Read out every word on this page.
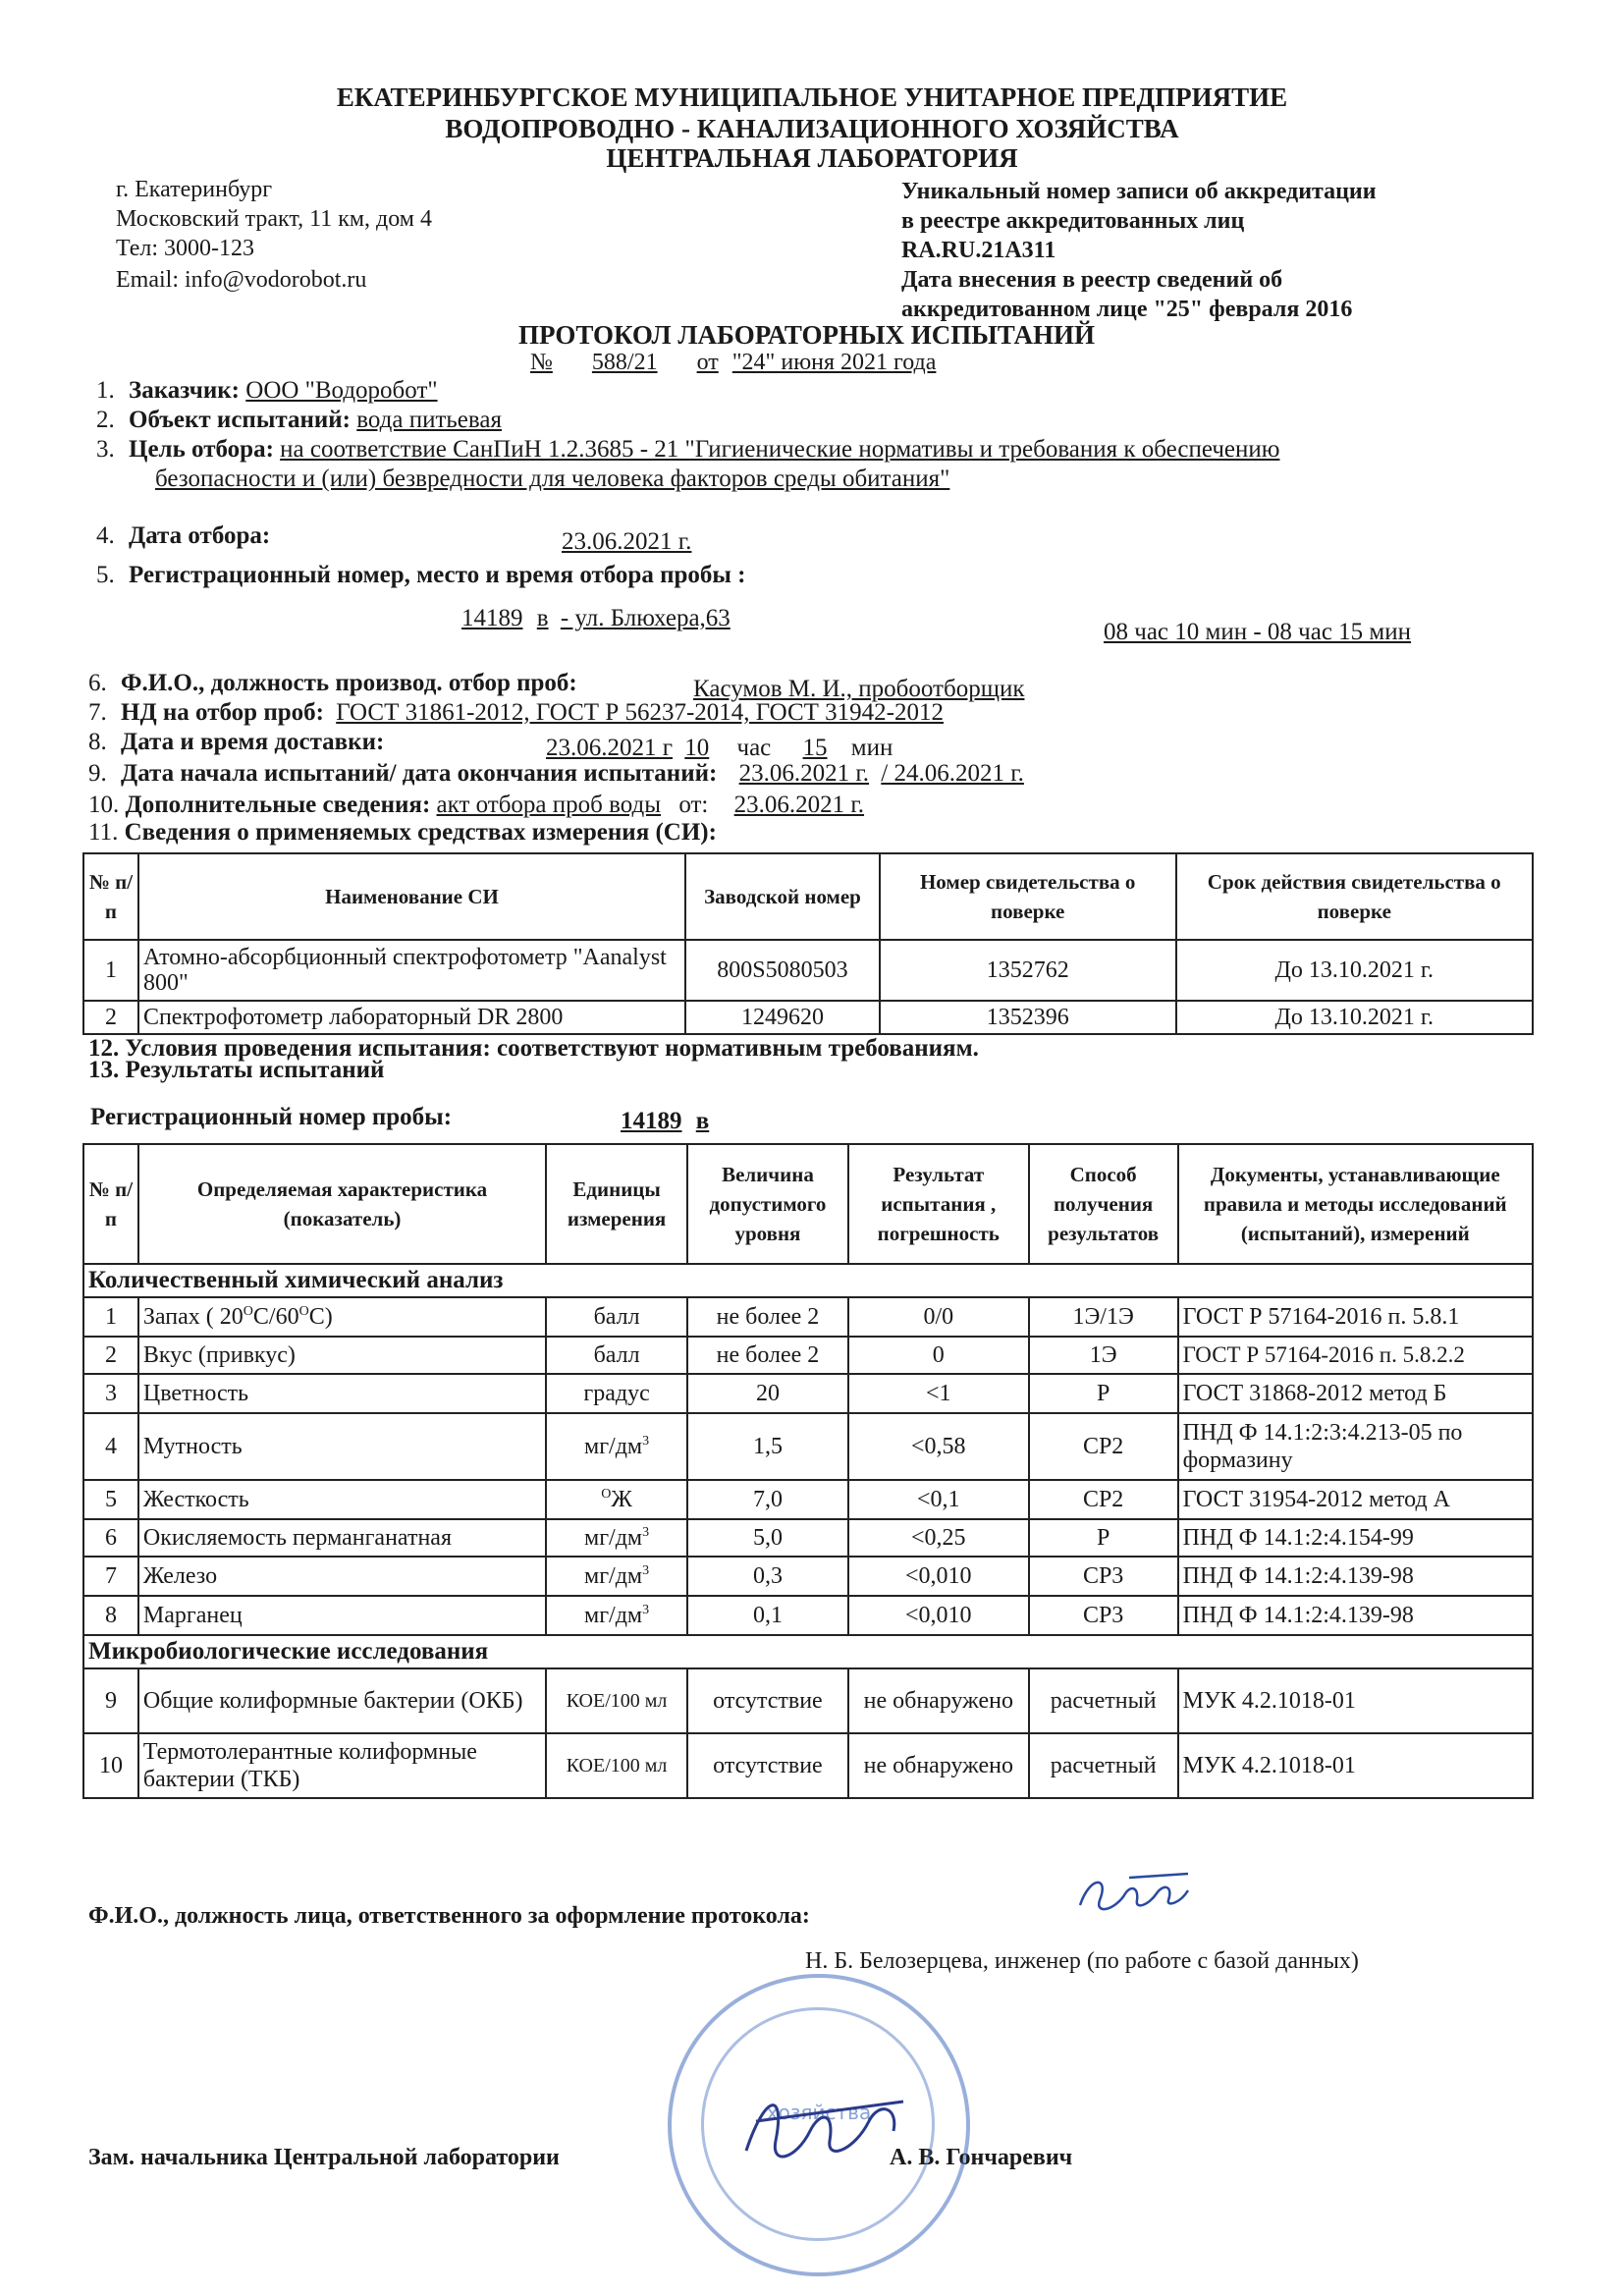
ЕКАТЕРИНБУРГСКОЕ МУНИЦИПАЛЬНОЕ УНИТАРНОЕ ПРЕДПРИЯТИЕ
ВОДОПРОВОДНО - КАНАЛИЗАЦИОННОГО ХОЗЯЙСТВА
ЦЕНТРАЛЬНАЯ ЛАБОРАТОРИЯ
г. Екатеринбург
Московский тракт, 11 км, дом 4
Тел: 3000-123
Email: info@vodorobot.ru
Уникальный номер записи об аккредитации
в реестре аккредитованных лиц
RA.RU.21А311
Дата внесения в реестр сведений об
аккредитованном лице "25" февраля 2016
ПРОТОКОЛ ЛАБОРАТОРНЫХ ИСПЫТАНИЙ
№ 588/21 от "24" июня 2021 года
1. Заказчик: ООО "Водоробот"
2. Объект испытаний: вода питьевая
3. Цель отбора: на соответствие СанПиН 1.2.3685 - 21 "Гигиенические нормативы и требования к обеспечению
безопасности и (или) безвредности для человека факторов среды обитания"
4. Дата отбора:	23.06.2021 г.
5. Регистрационный номер, место и время отбора пробы :
14189 в - ул. Блюхера,63
08 час 10 мин - 08 час 15 мин
6. Ф.И.О., должность производ. отбор проб:	Касумов М. И., пробоотборщик
7. НД на отбор проб: ГОСТ 31861-2012, ГОСТ Р 56237-2014, ГОСТ 31942-2012
8. Дата и время доставки:	23.06.2021 г 10 час 15 мин
9. Дата начала испытаний/ дата окончания испытаний: 23.06.2021 г. / 24.06.2021 г.
10. Дополнительные сведения: акт отбора проб воды от: 23.06.2021 г.
11. Сведения о применяемых средствах измерения (СИ):
№ п/п	Наименование СИ	Заводской номер	Номер свидетельства о поверке	Срок действия свидетельства о поверке
1	Атомно-абсорбционный спектрофотометр "Aanalyst 800"	800S5080503	1352762	До 13.10.2021 г.
2	Спектрофотометр лабораторный DR 2800	1249620	1352396	До 13.10.2021 г.
12. Условия проведения испытания: соответствуют нормативным требованиям.
13. Результаты испытаний
Регистрационный номер пробы:	14189 в
№ п/п	Определяемая характеристика (показатель)	Единицы измерения	Величина допустимого уровня	Результат испытания , погрешность	Способ получения результатов	Документы, устанавливающие правила и методы исследований (испытаний), измерений
Количественный химический анализ						
1	Запах ( $20^OC/60^OC$)	балл	не более 2	0/0	1Э/1Э	ГОСТ Р 57164-2016 п. 5.8.1
2	Вкус (привкус)	балл	не более 2	0	1Э	ГОСТ Р 57164-2016 п. 5.8.2.2
3	Цветность	градус	20	<1	Р	ГОСТ 31868-2012 метод Б
4	Мутность	$мг/дм^3$	1,5	<0,58	СР2	ПНД Ф 14.1:2:3:4.213-05 по формазину
5	Жесткость	$^O$Ж	7,0	<0,1	СР2	ГОСТ 31954-2012 метод А
6	Окисляемость перманганатная	$мг/дм^3$	5,0	<0,25	Р	ПНД Ф 14.1:2:4.154-99
7	Железо	$мг/дм^3$	0,3	<0,010	СР3	ПНД Ф 14.1:2:4.139-98
8	Марганец	$мг/дм^3$	0,1	<0,010	СР3	ПНД Ф 14.1:2:4.139-98
Микробиологические исследования						
9	Общие колиформные бактерии (ОКБ)	КОЕ/100 мл	отсутствие	не обнаружено	расчетный	МУК 4.2.1018-01
10	Термотолерантные колиформные бактерии (ТКБ)	КОЕ/100 мл	отсутствие	не обнаружено	расчетный	МУК 4.2.1018-01
Ф.И.О., должность лица, ответственного за оформление протокола:
Н. Б. Белозерцева, инженер (по работе с базой данных)
Зам. начальника Центральной лаборатории	А. В. Гончаревич
хозяйства
